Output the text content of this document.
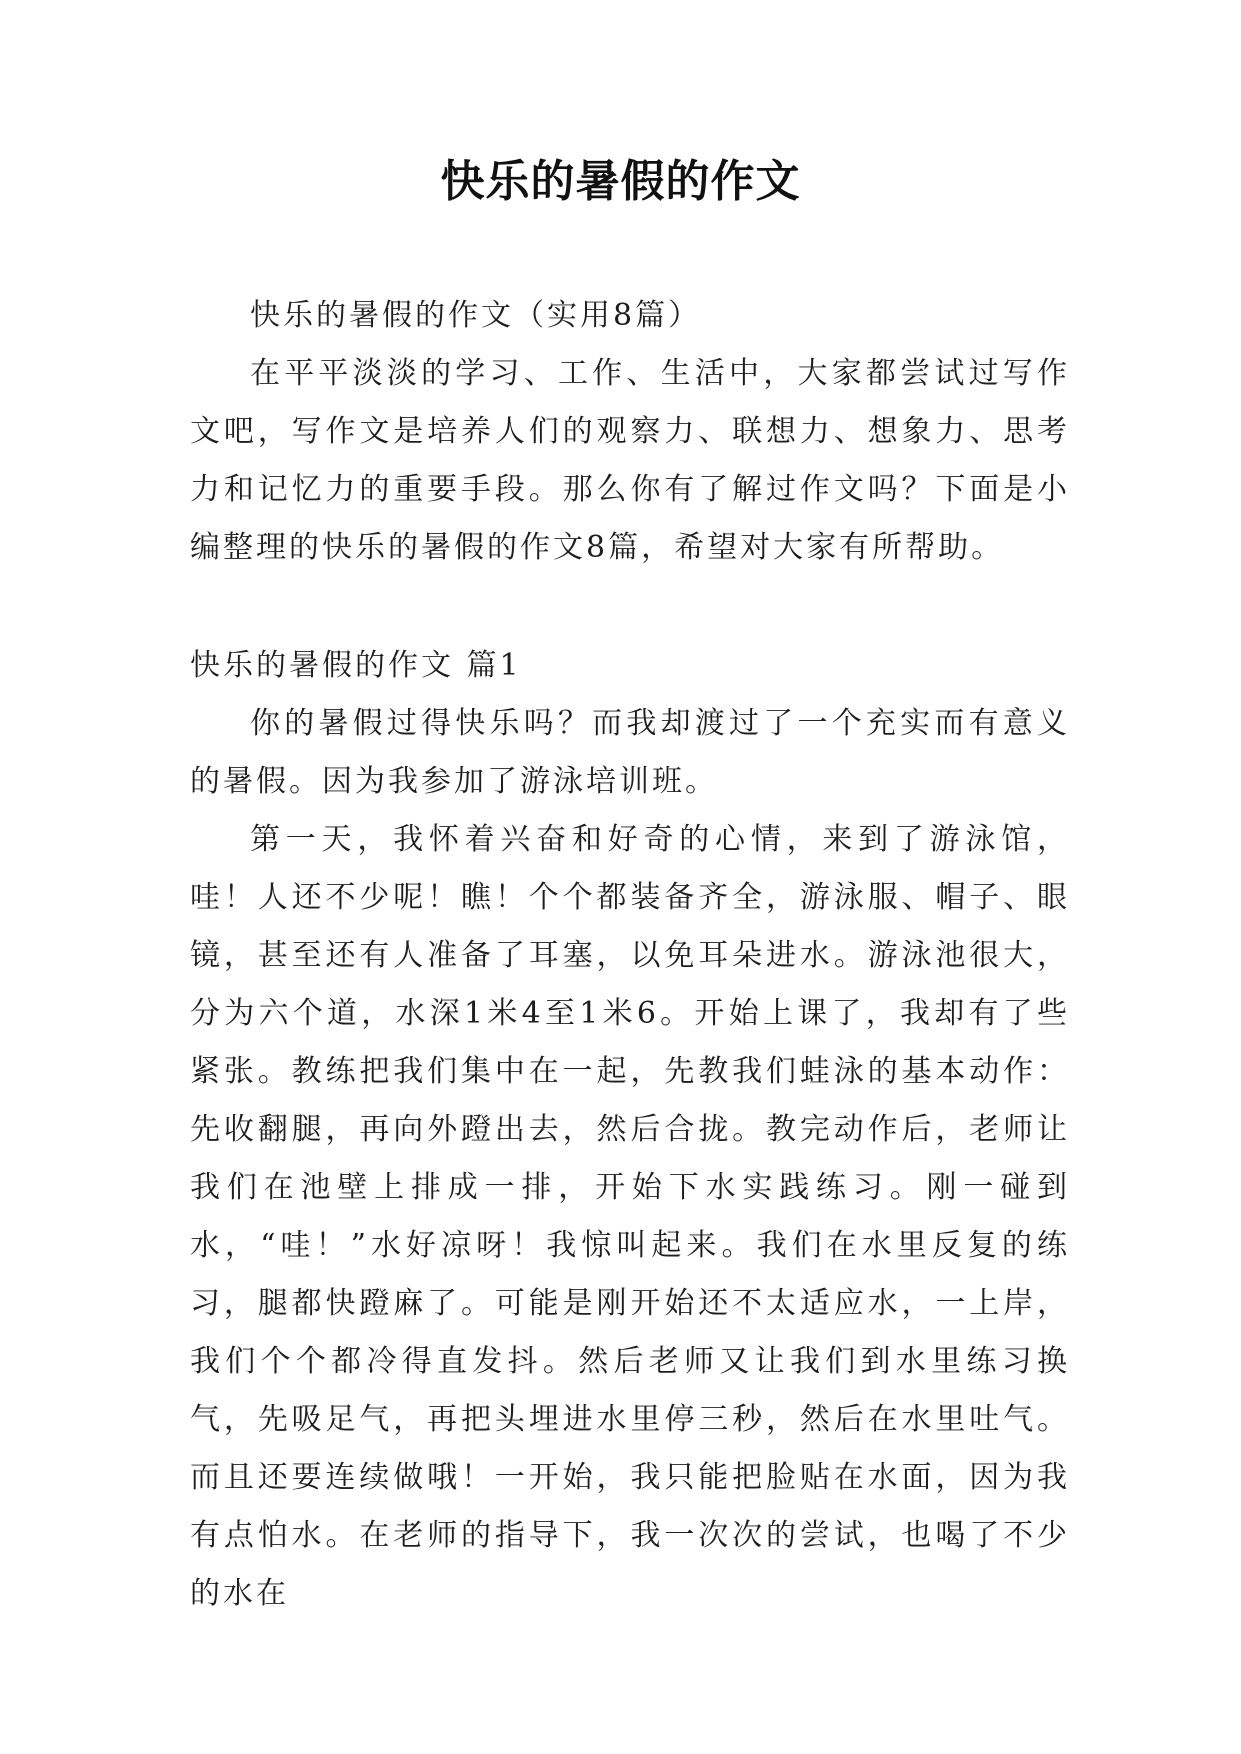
快乐的暑假的作文

快乐的暑假的作文（实用8篇）

在平平淡淡的学习、工作、生活中，大家都尝试过写作文吧，写作文是培养人们的观察力、联想力、想象力、思考力和记忆力的重要手段。那么你有了解过作文吗？下面是小编整理的快乐的暑假的作文8篇，希望对大家有所帮助。

快乐的暑假的作文 篇1

你的暑假过得快乐吗？而我却渡过了一个充实而有意义的暑假。因为我参加了游泳培训班。

第一天，我怀着兴奋和好奇的心情，来到了游泳馆，哇！人还不少呢！瞧！个个都装备齐全，游泳服、帽子、眼镜，甚至还有人准备了耳塞，以免耳朵进水。游泳池很大，分为六个道，水深1米4至1米6。开始上课了，我却有了些紧张。教练把我们集中在一起，先教我们蛙泳的基本动作：先收翻腿，再向外蹬出去，然后合拢。教完动作后，老师让我们在池壁上排成一排，开始下水实践练习。刚一碰到水，“哇！”水好凉呀！我惊叫起来。我们在水里反复的练习，腿都快蹬麻了。可能是刚开始还不太适应水，一上岸，我们个个都冷得直发抖。然后老师又让我们到水里练习换气，先吸足气，再把头埋进水里停三秒，然后在水里吐气。而且还要连续做哦！一开始，我只能把脸贴在水面，因为我有点怕水。在老师的指导下，我一次次的尝试，也喝了不少的水在
